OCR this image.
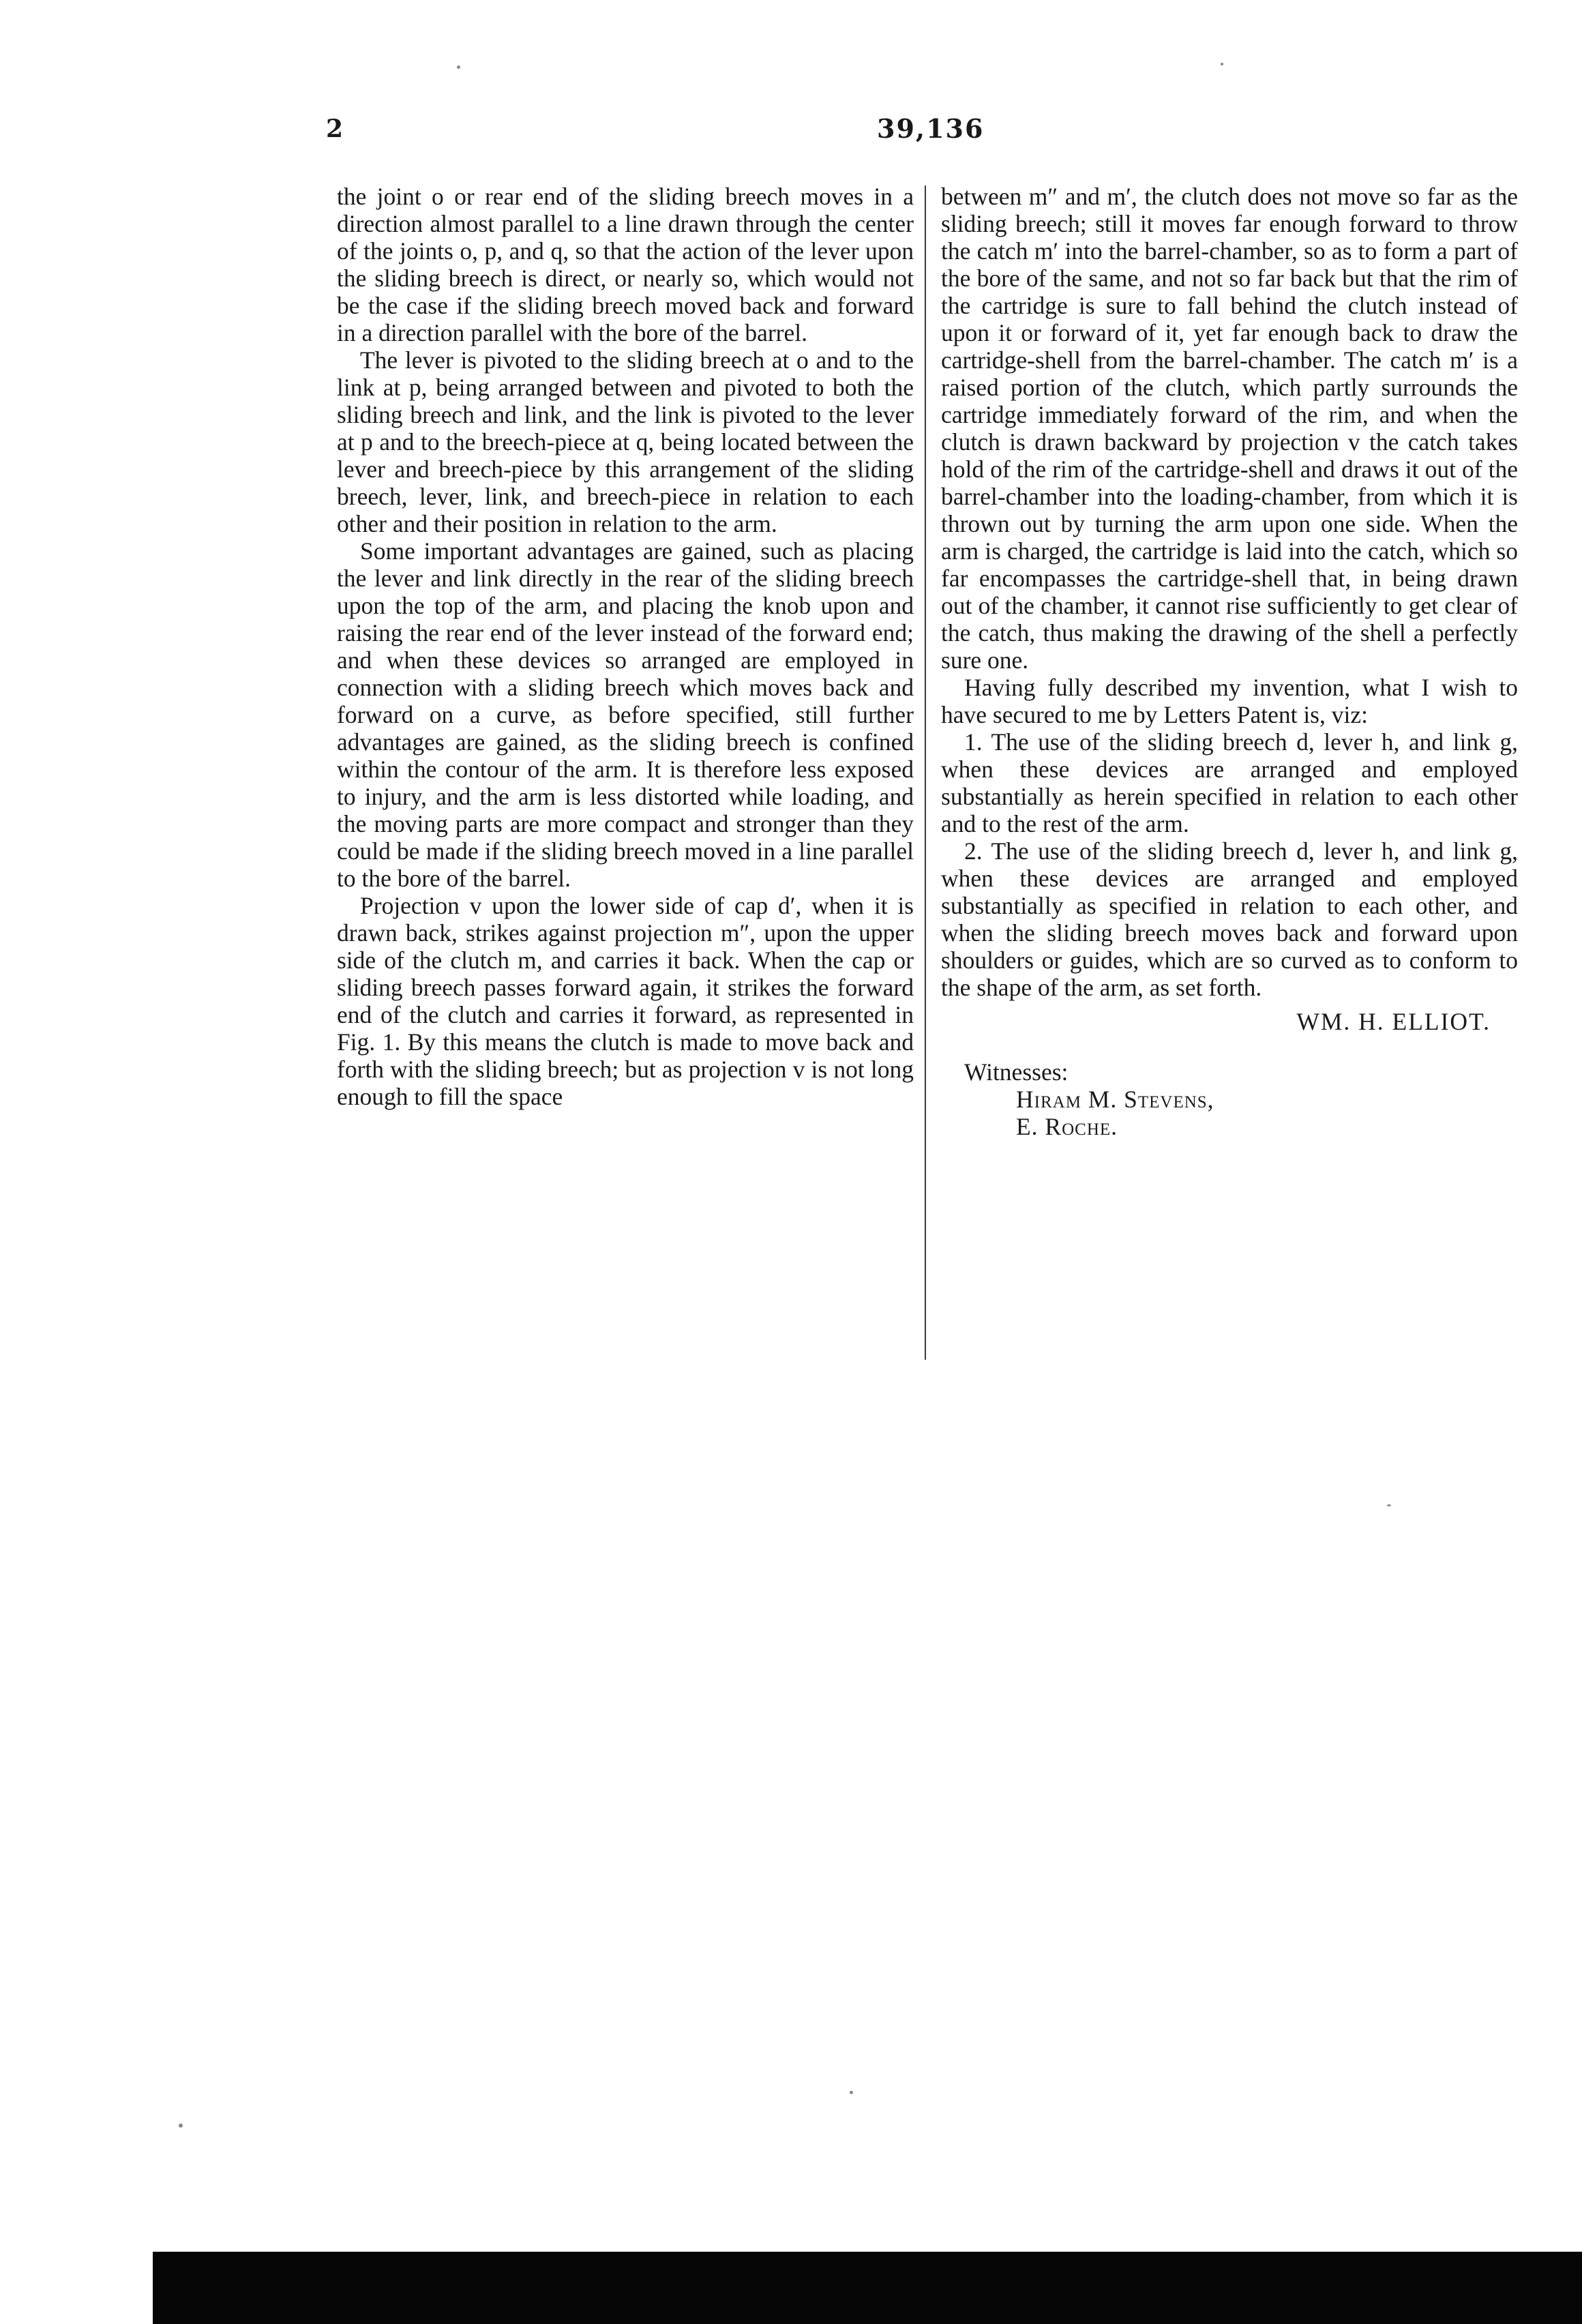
2	39,136

the joint o or rear end of the sliding breech moves in a direction almost parallel to a line drawn through the center of the joints o, p, and q, so that the action of the lever upon the sliding breech is direct, or nearly so, which would not be the case if the sliding breech moved back and forward in a direction parallel with the bore of the barrel.

The lever is pivoted to the sliding breech at o and to the link at p, being arranged between and pivoted to both the sliding breech and link, and the link is pivoted to the lever at p and to the breech-piece at q, being located between the lever and breech-piece by this arrangement of the sliding breech, lever, link, and breech-piece in relation to each other and their position in relation to the arm.

Some important advantages are gained, such as placing the lever and link directly in the rear of the sliding breech upon the top of the arm, and placing the knob upon and raising the rear end of the lever instead of the forward end; and when these devices so arranged are employed in connection with a sliding breech which moves back and forward on a curve, as before specified, still further advantages are gained, as the sliding breech is confined within the contour of the arm. It is therefore less exposed to injury, and the arm is less distorted while loading, and the moving parts are more compact and stronger than they could be made if the sliding breech moved in a line parallel to the bore of the barrel.

Projection v upon the lower side of cap d′, when it is drawn back, strikes against projection m″, upon the upper side of the clutch m, and carries it back. When the cap or sliding breech passes forward again, it strikes the forward end of the clutch and carries it forward, as represented in Fig. 1. By this means the clutch is made to move back and forth with the sliding breech; but as projection v is not long enough to fill the space

between m″ and m′, the clutch does not move so far as the sliding breech; still it moves far enough forward to throw the catch m′ into the barrel-chamber, so as to form a part of the bore of the same, and not so far back but that the rim of the cartridge is sure to fall behind the clutch instead of upon it or forward of it, yet far enough back to draw the cartridge-shell from the barrel-chamber. The catch m′ is a raised portion of the clutch, which partly surrounds the cartridge immediately forward of the rim, and when the clutch is drawn backward by projection v the catch takes hold of the rim of the cartridge-shell and draws it out of the barrel-chamber into the loading-chamber, from which it is thrown out by turning the arm upon one side. When the arm is charged, the cartridge is laid into the catch, which so far encompasses the cartridge-shell that, in being drawn out of the chamber, it cannot rise sufficiently to get clear of the catch, thus making the drawing of the shell a perfectly sure one.

Having fully described my invention, what I wish to have secured to me by Letters Patent is, viz:

1. The use of the sliding breech d, lever h, and link g, when these devices are arranged and employed substantially as herein specified in relation to each other and to the rest of the arm.

2. The use of the sliding breech d, lever h, and link g, when these devices are arranged and employed substantially as specified in relation to each other, and when the sliding breech moves back and forward upon shoulders or guides, which are so curved as to conform to the shape of the arm, as set forth.

WM. H. ELLIOT.

Witnesses:

Hiram M. Stevens,

E. Roche.
